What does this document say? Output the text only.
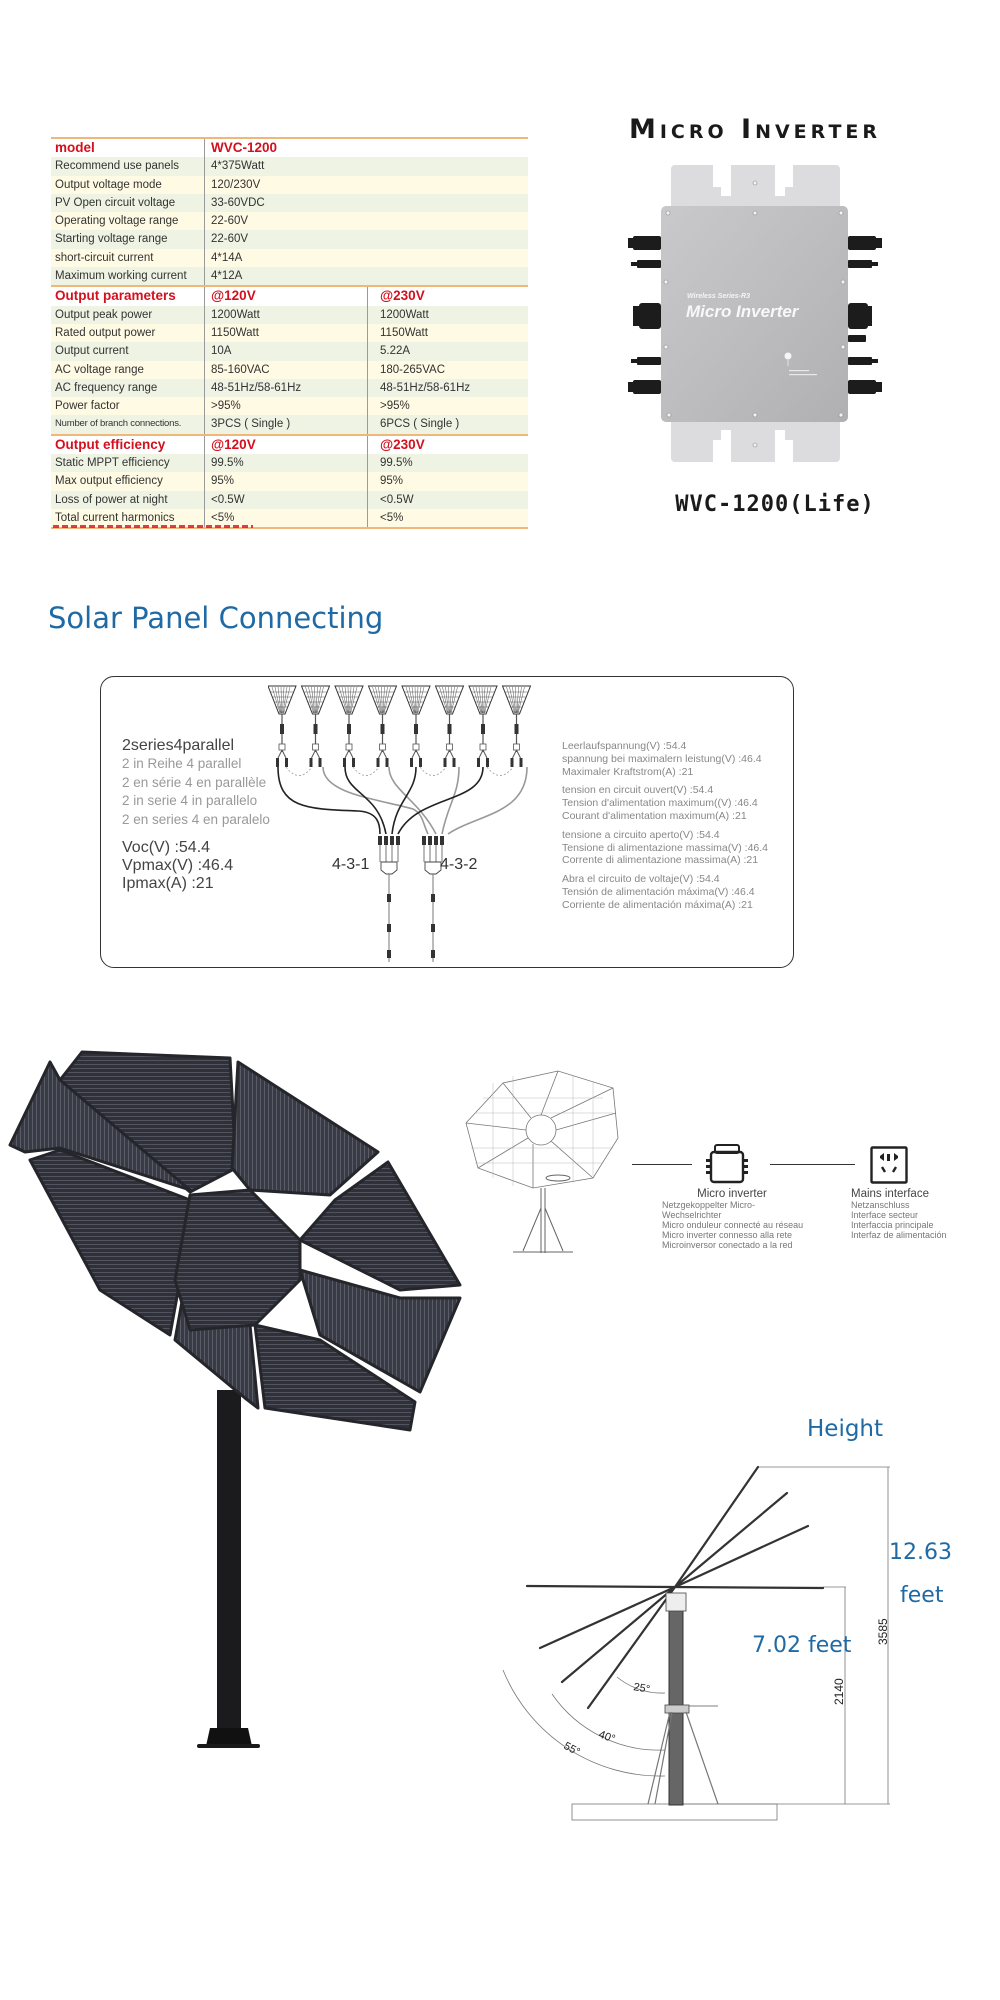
model	WVC-1200
Recommend use panels	4*375Watt
Output voltage mode	120/230V
PV Open circuit voltage	33-60VDC
Operating voltage range	22-60V
Starting voltage range	22-60V
short-circuit current	4*14A
Maximum working current	4*12A
Output parameters	@120V	@230V
Output peak power	1200Watt	1200Watt
Rated output power	1150Watt	1150Watt
Output current	10A	5.22A
AC voltage range	85-160VAC	180-265VAC
AC frequency range	48-51Hz/58-61Hz	48-51Hz/58-61Hz
Power factor	>95%	>95%
Number of branch connections.	3PCS ( Single )	6PCS ( Single )
Output efficiency	@120V	@230V
Static MPPT efficiency	99.5%	99.5%
Max output efficiency	95%	95%
Loss of power at night	<0.5W	<0.5W
Total current harmonics	<5%	<5%
Micro Inverter
Wireless Series-R3
Micro Inverter
WVC-1200(Life)
Solar Panel Connecting
2series4parallel
2 in Reihe 4 parallel
2 en série 4 en parallèle
2 in serie 4 in parallelo
2 en series 4 en paralelo
Voc(V) :54.4
Vpmax(V) :46.4
Ipmax(A) :21
4-3-1	4-3-2
Leerlaufspannung(V) :54.4
spannung bei maximalern leistung(V) :46.4
Maximaler Kraftstrom(A) :21
tension en circuit ouvert(V) :54.4
Tension d'alimentation maximum((V) :46.4
Courant d'alimentation maximum(A) :21
tensione a circuito aperto(V) :54.4
Tensione di alimentazione massima(V) :46.4
Corrente di alimentazione massima(A) :21
Abra el circuito de voltaje(V) :54.4
Tensión de alimentación máxima(V) :46.4
Corriente de alimentación máxima(A) :21
Micro inverter
Netzgekoppelter Micro-Wechselrichter
Micro onduleur connecté au réseau
Micro inverter connesso alla rete
Microinversor conectado a la red
Mains interface
Netzanschluss
Interface secteur
Interfaccia principale
Interfaz de alimentación
Height
25°
40°
55°
2140
3585
12.63
feet
7.02 feet
